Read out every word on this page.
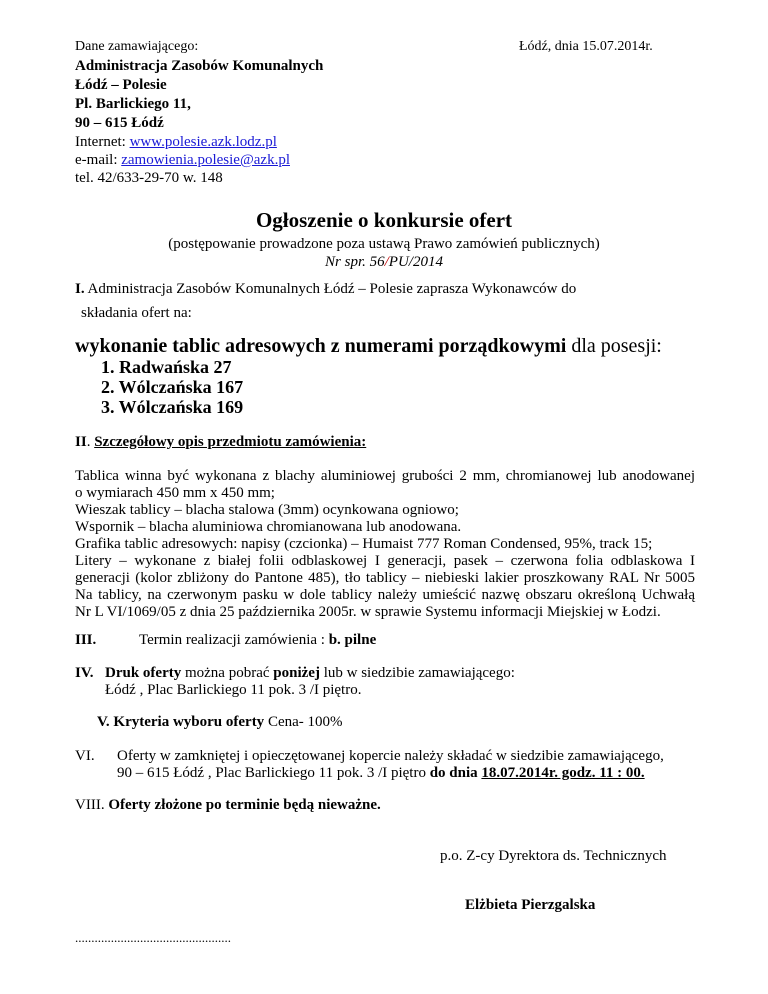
Dane zamawiającego:	Łódź, dnia 15.07.2014r.
Administracja Zasobów Komunalnych
Łódź – Polesie
Pl. Barlickiego 11,
90 – 615 Łódź
Internet: www.polesie.azk.lodz.pl
e-mail: zamowienia.polesie@azk.pl
tel. 42/633-29-70 w. 148
Ogłoszenie o konkursie ofert
(postępowanie prowadzone poza ustawą Prawo zamówień publicznych)
Nr spr. 56/PU/2014
I. Administracja Zasobów Komunalnych Łódź – Polesie zaprasza Wykonawców do
składania ofert na:
wykonanie tablic adresowych z numerami porządkowymi dla posesji:
1. Radwańska 27
2. Wólczańska 167
3. Wólczańska 169
II. Szczegółowy opis przedmiotu zamówienia:
Tablica winna być wykonana z blachy aluminiowej grubości 2 mm, chromianowej lub anodowanej
o wymiarach 450 mm x 450 mm;
Wieszak tablicy – blacha stalowa (3mm) ocynkowana ogniowo;
Wspornik – blacha aluminiowa chromianowana lub anodowana.
Grafika tablic adresowych: napisy (czcionka) – Humaist 777 Roman Condensed, 95%, track 15;
Litery – wykonane z białej folii odblaskowej I generacji, pasek – czerwona folia odblaskowa I
generacji (kolor zbliżony do Pantone 485), tło tablicy – niebieski lakier proszkowany RAL Nr 5005
Na tablicy, na czerwonym pasku w dole tablicy należy umieścić nazwę obszaru określoną Uchwałą
Nr L VI/1069/05 z dnia 25 października 2005r. w sprawie Systemu informacji Miejskiej w Łodzi.
III.	Termin realizacji zamówienia : b. pilne
IV. Druk oferty można pobrać poniżej lub w siedzibie zamawiającego:
Łódź , Plac Barlickiego 11 pok. 3 /I piętro.
V. Kryteria wyboru oferty Cena- 100%
VI. Oferty w zamkniętej i opieczętowanej kopercie należy składać w siedzibie zamawiającego,
90 – 615 Łódź , Plac Barlickiego 11 pok. 3 /I piętro do dnia 18.07.2014r. godz. 11 : 00.
VIII. Oferty złożone po terminie będą nieważne.
p.o. Z-cy Dyrektora ds. Technicznych
Elżbieta Pierzgalska
................................................
